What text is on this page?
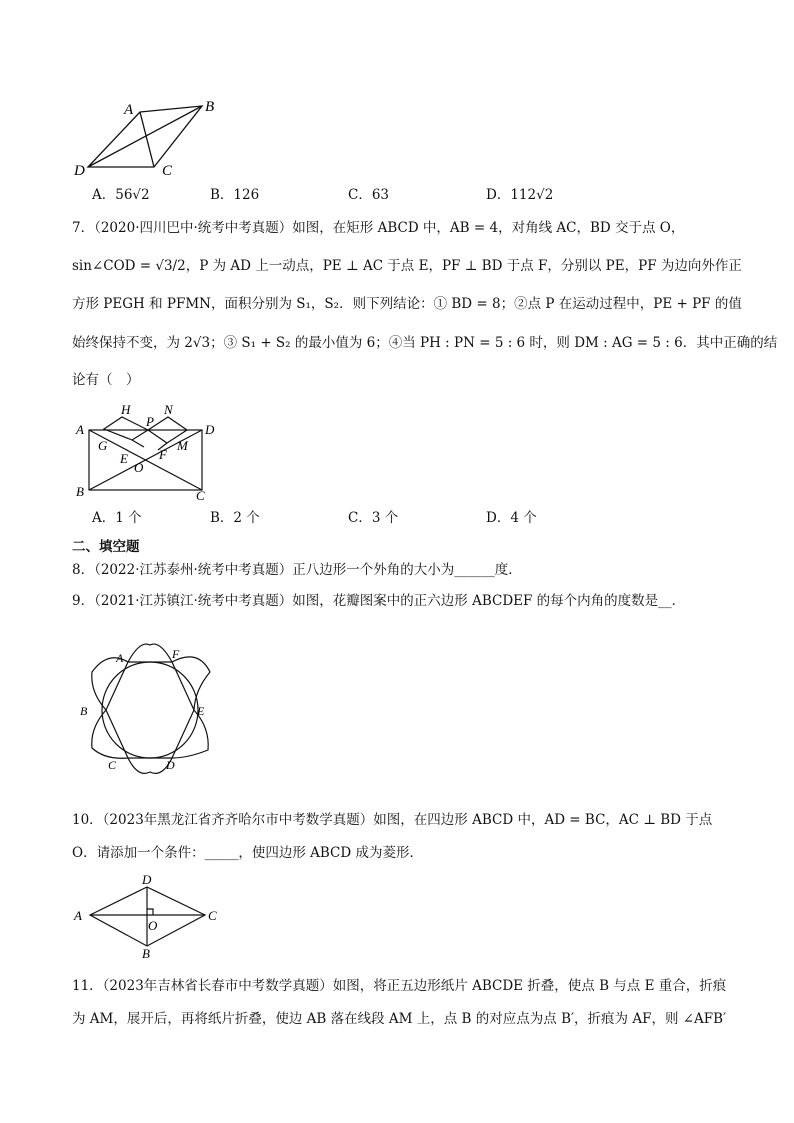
A	B
C
D
A．56√2	B．126	C．63	D．112√2
7．（2020·四川巴中·统考中考真题）如图，在矩形 ABCD 中，AB = 4，对角线 AC，BD 交于点 O，
sin∠COD = √3/2，P 为 AD 上一动点，PE ⊥ AC 于点 E，PF ⊥ BD 于点 F，分别以 PE，PF 为边向外作正
方形 PEGH 和 PFMN，面积分别为 S₁，S₂．则下列结论：① BD = 8；②点 P 在运动过程中，PE + PF 的值
始终保持不变，为 2√3；③ S₁ + S₂ 的最小值为 6；④当 PH : PN = 5 : 6 时，则 DM : AG = 5 : 6．其中正确的结
论有（　）
H
P
N
A	D
G
E F
M
O
B	C
A．1 个	B．2 个	C．3 个	D．4 个
二、填空题
8．（2022·江苏泰州·统考中考真题）正八边形一个外角的大小为______度．
9．（2021·江苏镇江·统考中考真题）如图，花瓣图案中的正六边形 ABCDEF 的每个内角的度数是__．
A	F
B	E
C	D
10．（2023年黑龙江省齐齐哈尔市中考数学真题）如图，在四边形 ABCD 中，AD = BC，AC ⊥ BD 于点
O．请添加一个条件：_____，使四边形 ABCD 成为菱形．
D
A
O
C
B
11．（2023年吉林省长春市中考数学真题）如图，将正五边形纸片 ABCDE 折叠，使点 B 与点 E 重合，折痕
为 AM，展开后，再将纸片折叠，使边 AB 落在线段 AM 上，点 B 的对应点为点 B′，折痕为 AF，则 ∠AFB′
